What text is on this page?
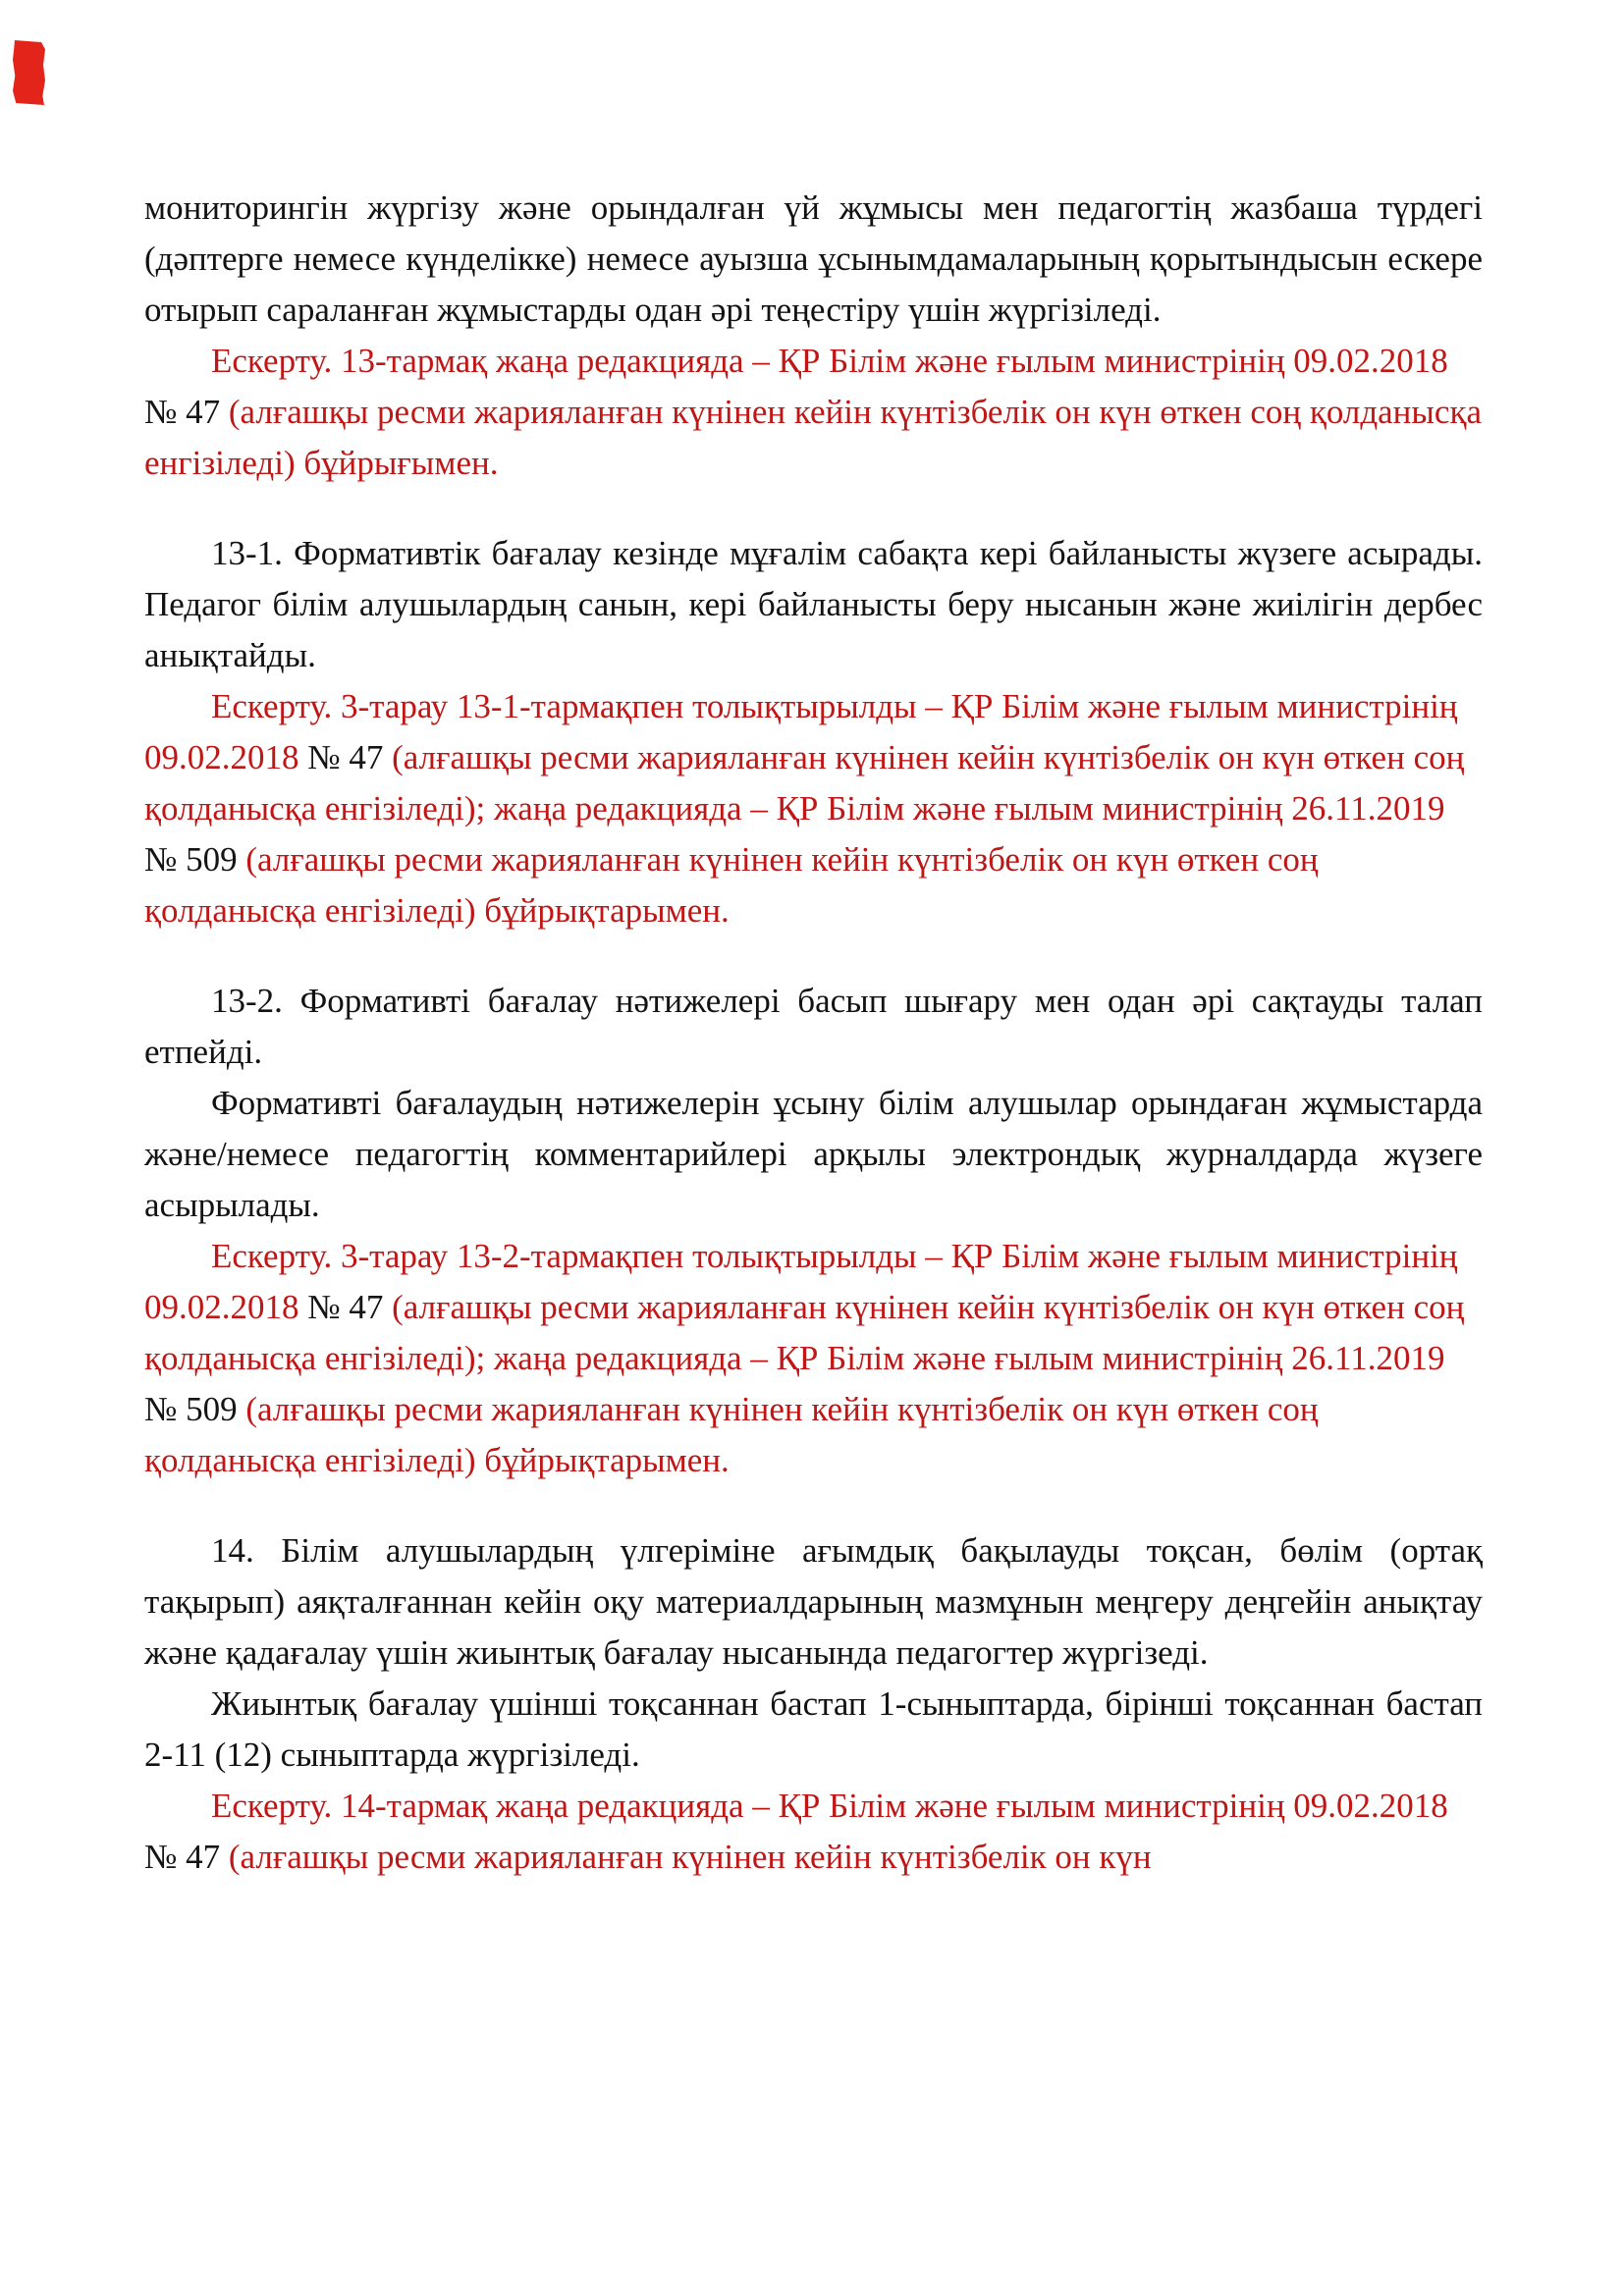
мониторингін жүргізу және орындалған үй жұмысы мен педагогтің жазбаша түрдегі (дәптерге немесе күнделікке) немесе ауызша ұсынымдамаларының қорытындысын ескере отырып сараланған жұмыстарды одан әрі теңестіру үшін жүргізіледі.

Ескерту. 13-тармақ жаңа редакцияда – ҚР Білім және ғылым министрінің 09.02.2018 № 47 (алғашқы ресми жарияланған күнінен кейін күнтізбелік он күн өткен соң қолданысқа енгізіледі) бұйрығымен.

13-1. Формативтік бағалау кезінде мұғалім сабақта кері байланысты жүзеге асырады. Педагог білім алушылардың санын, кері байланысты беру нысанын және жиілігін дербес анықтайды.

Ескерту. 3-тарау 13-1-тармақпен толықтырылды – ҚР Білім және ғылым министрінің 09.02.2018 № 47 (алғашқы ресми жарияланған күнінен кейін күнтізбелік он күн өткен соң қолданысқа енгізіледі); жаңа редакцияда – ҚР Білім және ғылым министрінің 26.11.2019 № 509 (алғашқы ресми жарияланған күнінен кейін күнтізбелік он күн өткен соң қолданысқа енгізіледі) бұйрықтарымен.

13-2. Формативті бағалау нәтижелері басып шығару мен одан әрі сақтауды талап етпейді.

Формативті бағалаудың нәтижелерін ұсыну білім алушылар орындаған жұмыстарда және/немесе педагогтің комментарийлері арқылы электрондық журналдарда жүзеге асырылады.

Ескерту. 3-тарау 13-2-тармақпен толықтырылды – ҚР Білім және ғылым министрінің 09.02.2018 № 47 (алғашқы ресми жарияланған күнінен кейін күнтізбелік он күн өткен соң қолданысқа енгізіледі); жаңа редакцияда – ҚР Білім және ғылым министрінің 26.11.2019 № 509 (алғашқы ресми жарияланған күнінен кейін күнтізбелік он күн өткен соң қолданысқа енгізіледі) бұйрықтарымен.

14. Білім алушылардың үлгеріміне ағымдық бақылауды тоқсан, бөлім (ортақ тақырып) аяқталғаннан кейін оқу материалдарының мазмұнын меңгеру деңгейін анықтау және қадағалау үшін жиынтық бағалау нысанында педагогтер жүргізеді.

Жиынтық бағалау үшінші тоқсаннан бастап 1-сыныптарда, бірінші тоқсаннан бастап 2-11 (12) сыныптарда жүргізіледі.

Ескерту. 14-тармақ жаңа редакцияда – ҚР Білім және ғылым министрінің 09.02.2018 № 47 (алғашқы ресми жарияланған күнінен кейін күнтізбелік он күн
